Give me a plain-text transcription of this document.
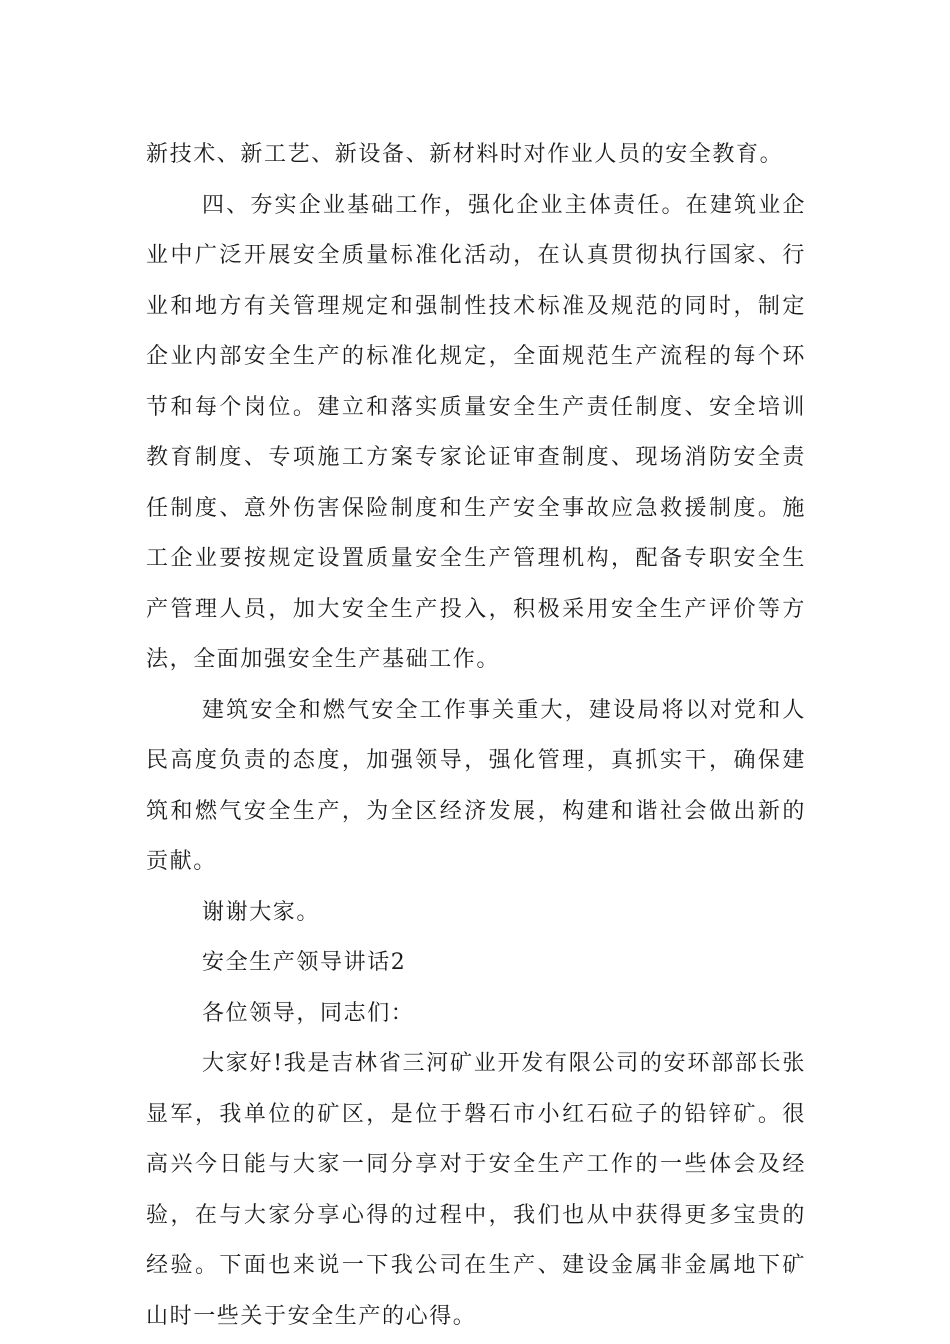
新技术、新工艺、新设备、新材料时对作业人员的安全教育。

四、夯实企业基础工作，强化企业主体责任。在建筑业企业中广泛开展安全质量标准化活动，在认真贯彻执行国家、行业和地方有关管理规定和强制性技术标准及规范的同时，制定企业内部安全生产的标准化规定，全面规范生产流程的每个环节和每个岗位。建立和落实质量安全生产责任制度、安全培训教育制度、专项施工方案专家论证审查制度、现场消防安全责任制度、意外伤害保险制度和生产安全事故应急救援制度。施工企业要按规定设置质量安全生产管理机构，配备专职安全生产管理人员，加大安全生产投入，积极采用安全生产评价等方法，全面加强安全生产基础工作。

建筑安全和燃气安全工作事关重大，建设局将以对党和人民高度负责的态度，加强领导，强化管理，真抓实干，确保建筑和燃气安全生产，为全区经济发展，构建和谐社会做出新的贡献。

谢谢大家。

安全生产领导讲话2

各位领导，同志们：

大家好!我是吉林省三河矿业开发有限公司的安环部部长张显军，我单位的矿区，是位于磐石市小红石砬子的铅锌矿。很高兴今日能与大家一同分享对于安全生产工作的一些体会及经验，在与大家分享心得的过程中，我们也从中获得更多宝贵的经验。下面也来说一下我公司在生产、建设金属非金属地下矿山时一些关于安全生产的心得。
